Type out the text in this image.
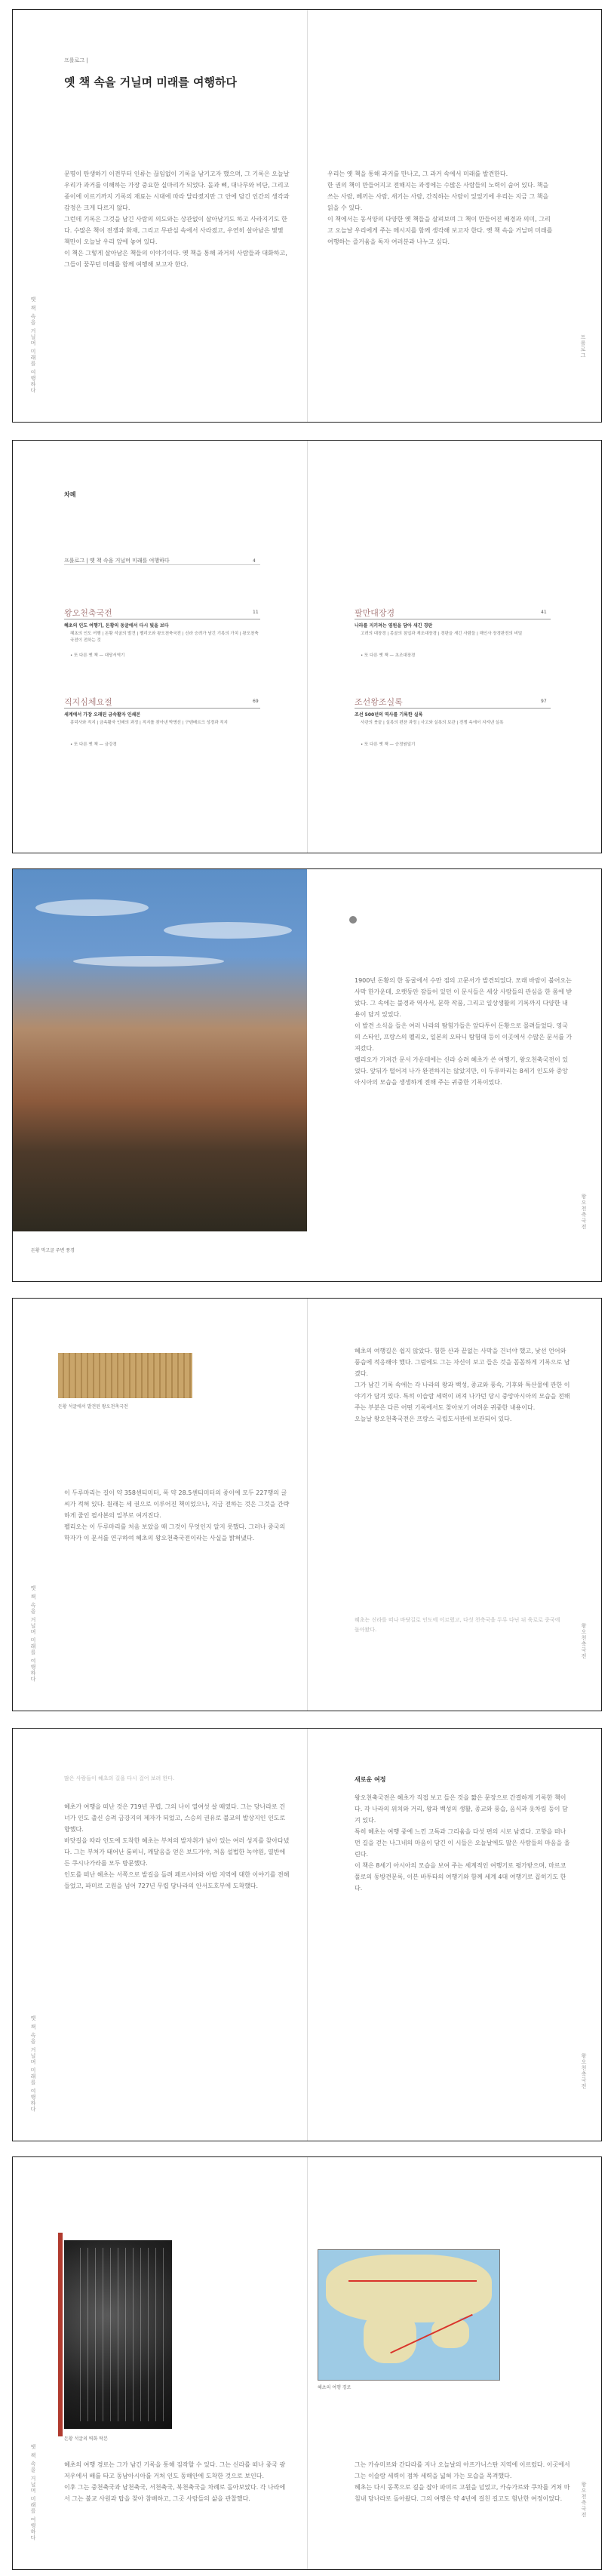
프롤로그 |
옛 책 속을 거닐며 미래를 여행하다
문명이 탄생하기 이전부터 인류는 끊임없이 기록을 남기고자 했으며, 그 기록은 오늘날 우리가 과거를 이해하는 가장 중요한 실마리가 되었다. 돌과 뼈, 대나무와 비단, 그리고 종이에 이르기까지 기록의 재료는 시대에 따라 달라졌지만 그 안에 담긴 인간의 생각과 감정은 크게 다르지 않다.
그런데 기록은 그것을 남긴 사람의 의도와는 상관없이 살아남기도 하고 사라지기도 한다. 수많은 책이 전쟁과 화재, 그리고 무관심 속에서 사라졌고, 우연히 살아남은 몇몇 책만이 오늘날 우리 앞에 놓여 있다.
이 책은 그렇게 살아남은 책들의 이야기이다. 옛 책을 통해 과거의 사람들과 대화하고, 그들이 꿈꾸던 미래를 함께 여행해 보고자 한다.
옛 책 속을 거닐며 미래를 여행하다
우리는 옛 책을 통해 과거를 만나고, 그 과거 속에서 미래를 발견한다.
한 권의 책이 만들어지고 전해지는 과정에는 수많은 사람들의 노력이 숨어 있다. 책을 쓰는 사람, 베끼는 사람, 새기는 사람, 간직하는 사람이 있었기에 우리는 지금 그 책을 읽을 수 있다.
이 책에서는 동서양의 다양한 옛 책들을 살펴보며 그 책이 만들어진 배경과 의미, 그리고 오늘날 우리에게 주는 메시지를 함께 생각해 보고자 한다. 옛 책 속을 거닐며 미래를 여행하는 즐거움을 독자 여러분과 나누고 싶다.
프롤로그
차례
프롤로그 | 옛 책 속을 거닐며 미래를 여행하다	4
왕오천축국전	11
혜초의 인도 여행기, 돈황의 동굴에서 다시 빛을 보다
혜초의 인도 여행 | 돈황 석굴의 발견 | 펠리오와 왕오천축국전 | 신라 승려가 남긴 기록의 가치 | 왕오천축국전이 전하는 것
• 또 다른 옛 책 — 대당서역기
직지심체요절	69
세계에서 가장 오래된 금속활자 인쇄본
흥덕사와 직지 | 금속활자 인쇄의 과정 | 직지를 찾아낸 박병선 | 구텐베르크 성경과 직지
• 또 다른 옛 책 — 금강경
팔만대장경	41
나라를 지키려는 염원을 담아 새긴 경판
고려의 대장경 | 몽골의 침입과 재조대장경 | 경판을 새긴 사람들 | 해인사 장경판전의 비밀
• 또 다른 옛 책 — 초조대장경
조선왕조실록	97
조선 500년의 역사를 기록한 실록
사관의 붓끝 | 실록의 편찬 과정 | 사고와 실록의 보관 | 전쟁 속에서 지켜낸 실록
• 또 다른 옛 책 — 승정원일기
돈황 막고굴 주변 풍경
1900년 돈황의 한 동굴에서 수만 점의 고문서가 발견되었다. 모래 바람이 불어오는 사막 한가운데, 오랫동안 잠들어 있던 이 문서들은 세상 사람들의 관심을 한 몸에 받았다. 그 속에는 불경과 역사서, 문학 작품, 그리고 일상생활의 기록까지 다양한 내용이 담겨 있었다.
이 발견 소식을 들은 여러 나라의 탐험가들은 앞다투어 돈황으로 몰려들었다. 영국의 스타인, 프랑스의 펠리오, 일본의 오타니 탐험대 등이 이곳에서 수많은 문서를 가져갔다.
펠리오가 가져간 문서 가운데에는 신라 승려 혜초가 쓴 여행기, 왕오천축국전이 있었다. 앞뒤가 떨어져 나가 완전하지는 않았지만, 이 두루마리는 8세기 인도와 중앙아시아의 모습을 생생하게 전해 주는 귀중한 기록이었다.
왕오천축국전
돈황 석굴에서 발견된 왕오천축국전
이 두루마리는 길이 약 358센티미터, 폭 약 28.5센티미터의 종이에 모두 227행의 글씨가 적혀 있다. 원래는 세 권으로 이루어진 책이었으나, 지금 전하는 것은 그것을 간략하게 줄인 필사본의 일부로 여겨진다.
펠리오는 이 두루마리를 처음 보았을 때 그것이 무엇인지 알지 못했다. 그러나 중국의 학자가 이 문서를 연구하여 혜초의 왕오천축국전이라는 사실을 밝혀냈다.
옛 책 속을 거닐며 미래를 여행하다
혜초의 여행길은 쉽지 않았다. 험한 산과 끝없는 사막을 건너야 했고, 낯선 언어와 풍습에 적응해야 했다. 그럼에도 그는 자신이 보고 들은 것을 꼼꼼하게 기록으로 남겼다.
그가 남긴 기록 속에는 각 나라의 왕과 백성, 종교와 풍속, 기후와 특산물에 관한 이야기가 담겨 있다. 특히 이슬람 세력이 퍼져 나가던 당시 중앙아시아의 모습을 전해 주는 부분은 다른 어떤 기록에서도 찾아보기 어려운 귀중한 내용이다.
오늘날 왕오천축국전은 프랑스 국립도서관에 보관되어 있다.
혜초는 신라를 떠나 바닷길로 인도에 이르렀고, 다섯 천축국을 두루 다닌 뒤 육로로 중국에 돌아왔다.	왕오천축국전
많은 사람들이 혜초의 길을 다시 걸어 보려 한다.
혜초가 여행을 떠난 것은 719년 무렵, 그의 나이 열여섯 살 때였다. 그는 당나라로 건너가 인도 출신 승려 금강지의 제자가 되었고, 스승의 권유로 불교의 발상지인 인도로 향했다.
바닷길을 따라 인도에 도착한 혜초는 부처의 발자취가 남아 있는 여러 성지를 찾아다녔다. 그는 부처가 태어난 룸비니, 깨달음을 얻은 보드가야, 처음 설법한 녹야원, 열반에 든 쿠시나가라를 모두 방문했다.
인도를 떠난 혜초는 서쪽으로 발길을 돌려 페르시아와 아랍 지역에 대한 이야기를 전해 들었고, 파미르 고원을 넘어 727년 무렵 당나라의 안서도호부에 도착했다.
옛 책 속을 거닐며 미래를 여행하다
새로운 여정
왕오천축국전은 혜초가 직접 보고 들은 것을 짧은 문장으로 간결하게 기록한 책이다. 각 나라의 위치와 거리, 왕과 백성의 생활, 종교와 풍습, 음식과 옷차림 등이 담겨 있다.
특히 혜초는 여행 중에 느낀 고독과 그리움을 다섯 편의 시로 남겼다. 고향을 떠나 먼 길을 걷는 나그네의 마음이 담긴 이 시들은 오늘날에도 많은 사람들의 마음을 울린다.
이 책은 8세기 아시아의 모습을 보여 주는 세계적인 여행기로 평가받으며, 마르코 폴로의 동방견문록, 이븐 바투타의 여행기와 함께 세계 4대 여행기로 꼽히기도 한다.
왕오천축국전
돈황 석굴의 벽화 탁본
혜초의 여행 경로는 그가 남긴 기록을 통해 짐작할 수 있다. 그는 신라를 떠나 중국 광저우에서 배를 타고 동남아시아를 거쳐 인도 동해안에 도착한 것으로 보인다.
이후 그는 중천축국과 남천축국, 서천축국, 북천축국을 차례로 돌아보았다. 각 나라에서 그는 불교 사원과 탑을 찾아 참배하고, 그곳 사람들의 삶을 관찰했다.
옛 책 속을 거닐며 미래를 여행하다
혜초의 여행 경로
그는 카슈미르와 간다라를 지나 오늘날의 아프가니스탄 지역에 이르렀다. 이곳에서 그는 이슬람 세력이 점차 세력을 넓혀 가는 모습을 목격했다.
혜초는 다시 동쪽으로 길을 잡아 파미르 고원을 넘었고, 카슈가르와 쿠차를 거쳐 마침내 당나라로 돌아왔다. 그의 여행은 약 4년에 걸친 길고도 험난한 여정이었다.	왕오천축국전
